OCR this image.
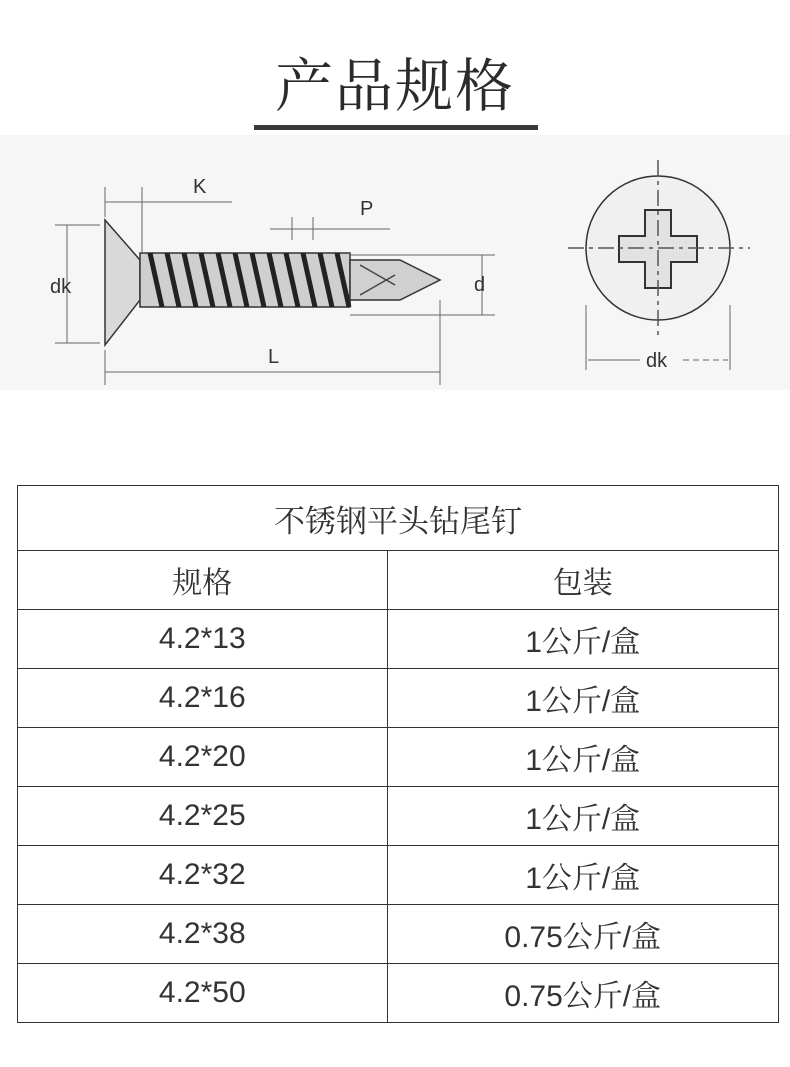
产品规格
K
P
dk	d
L	dk
不锈钢平头钻尾钉	
规格	包装
4.2*13	1公斤/盒
4.2*16	1公斤/盒
4.2*20	1公斤/盒
4.2*25	1公斤/盒
4.2*32	1公斤/盒
4.2*38	0.75公斤/盒
4.2*50	0.75公斤/盒
